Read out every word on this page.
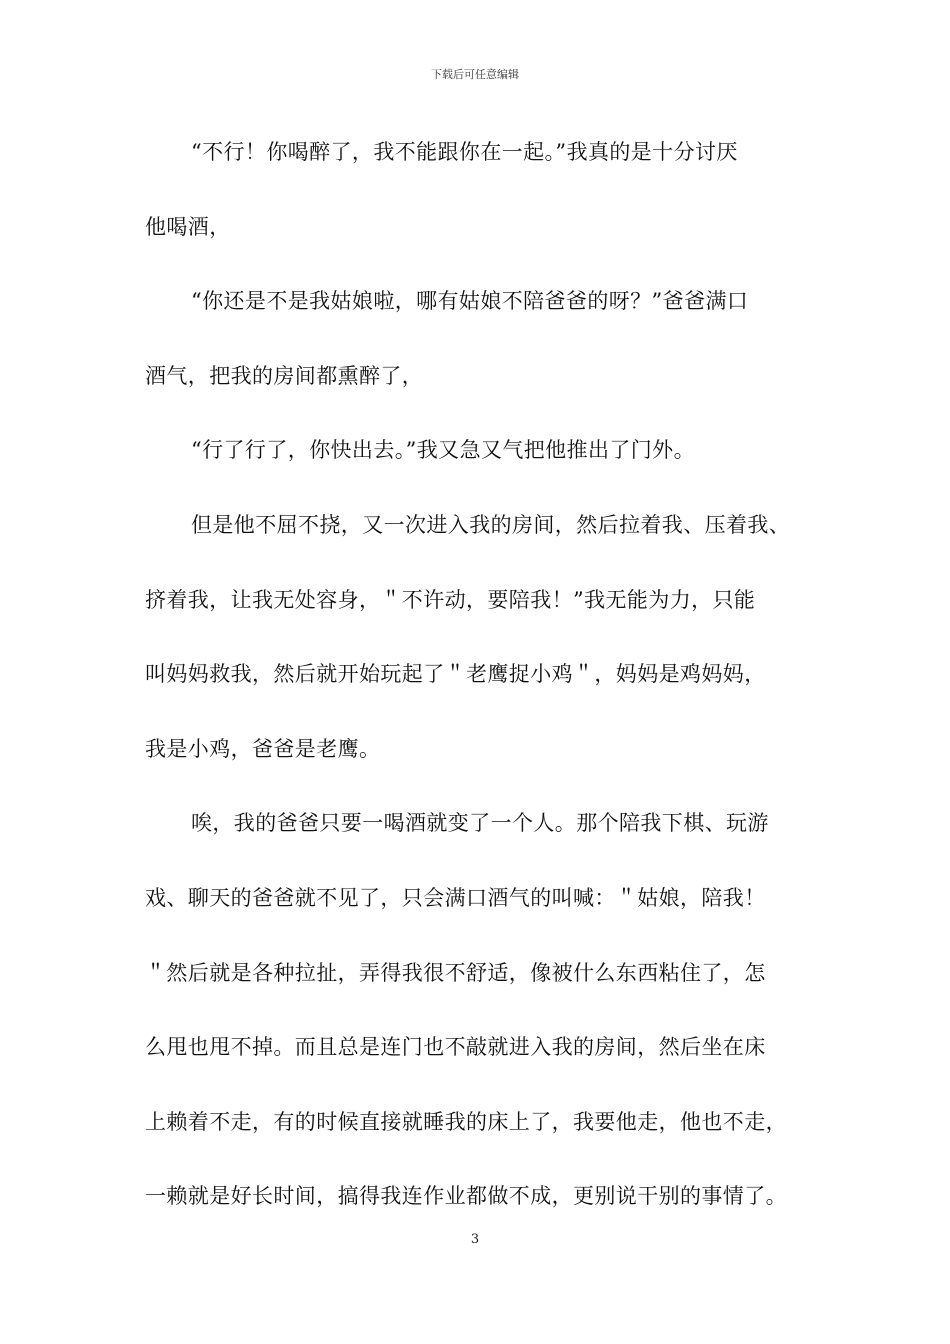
下载后可任意编辑
“不行！你喝醉了，我不能跟你在一起。”我真的是十分讨厌
他喝酒，
“你还是不是我姑娘啦，哪有姑娘不陪爸爸的呀？”爸爸满口
酒气，把我的房间都熏醉了，
“行了行了，你快出去。”我又急又气把他推出了门外。
但是他不屈不挠，又一次进入我的房间，然后拉着我、压着我、
挤着我，让我无处容身，＂不许动，要陪我！”我无能为力，只能
叫妈妈救我，然后就开始玩起了＂老鹰捉小鸡＂，妈妈是鸡妈妈，
我是小鸡，爸爸是老鹰。
唉，我的爸爸只要一喝酒就变了一个人。那个陪我下棋、玩游
戏、聊天的爸爸就不见了，只会满口酒气的叫喊：＂姑娘，陪我！
＂然后就是各种拉扯，弄得我很不舒适，像被什么东西粘住了，怎
么甩也甩不掉。而且总是连门也不敲就进入我的房间，然后坐在床
上赖着不走，有的时候直接就睡我的床上了，我要他走，他也不走，
一赖就是好长时间，搞得我连作业都做不成，更别说干别的事情了。
3
